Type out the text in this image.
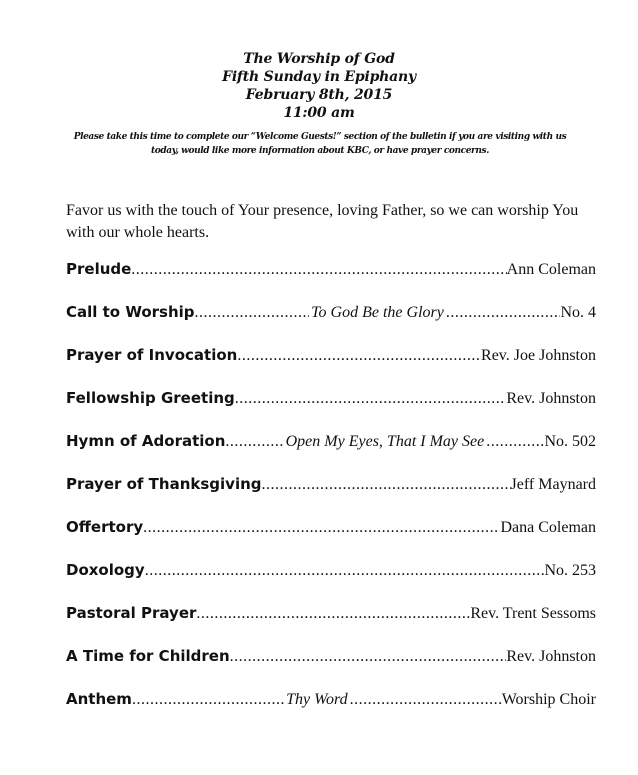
The Worship of God
Fifth Sunday in Epiphany
February 8th, 2015
11:00 am
Please take this time to complete our “Welcome Guests!” section of the bulletin if you are visiting with us today, would like more information about KBC, or have prayer concerns.
Favor us with the touch of Your presence, loving Father, so we can worship You with our whole hearts.
Prelude .....	Ann Coleman
Call to Worship .....	To God Be the Glory .....	No. 4
Prayer of Invocation .....	Rev. Joe Johnston
Fellowship Greeting .....	Rev. Johnston
Hymn of Adoration .....	Open My Eyes, That I May See .....	No. 502
Prayer of Thanksgiving .....	Jeff Maynard
Offertory .....	Dana Coleman
Doxology .....	No. 253
Pastoral Prayer .....	Rev. Trent Sessoms
A Time for Children .....	Rev. Johnston
Anthem .....	Thy Word .....	Worship Choir
